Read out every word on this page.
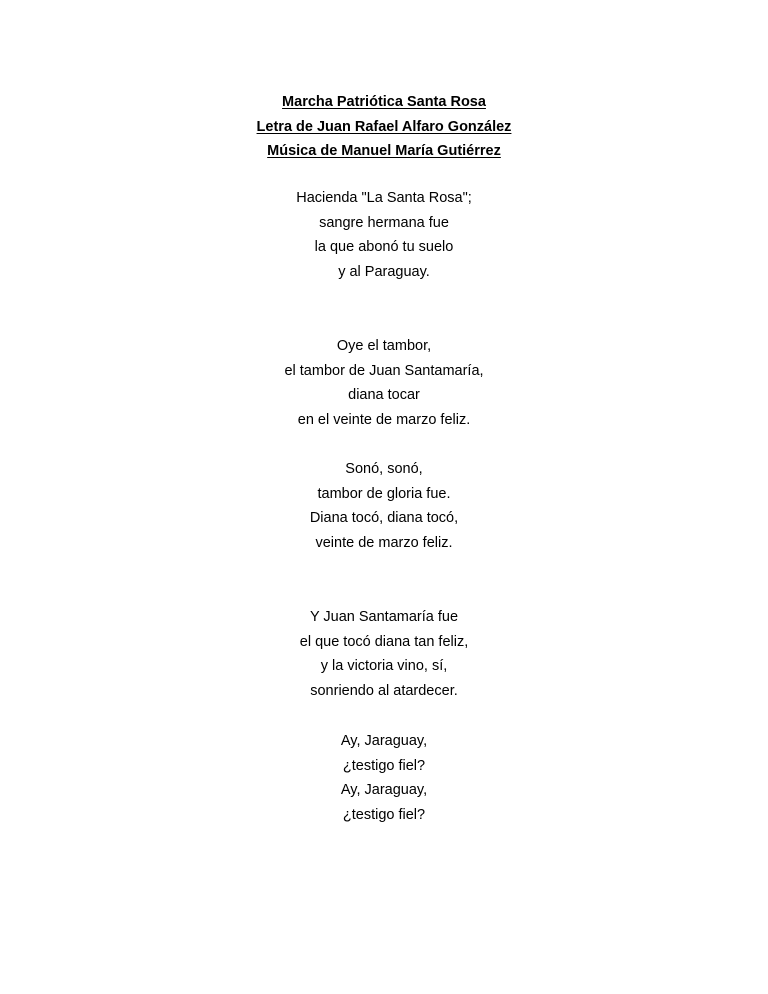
Marcha Patriótica Santa Rosa
Letra de Juan Rafael Alfaro González
Música de Manuel María Gutiérrez
Hacienda "La Santa Rosa";
sangre hermana fue
la que abonó tu suelo
y al Paraguay.
Oye el tambor,
el tambor de Juan Santamaría,
diana tocar
en el veinte de marzo feliz.
Sonó, sonó,
tambor de gloria fue.
Diana tocó, diana tocó,
veinte de marzo feliz.
Y Juan Santamaría fue
el que tocó diana tan feliz,
y la victoria vino, sí,
sonriendo al atardecer.
Ay, Jaraguay,
¿testigo fiel?
Ay, Jaraguay,
¿testigo fiel?
